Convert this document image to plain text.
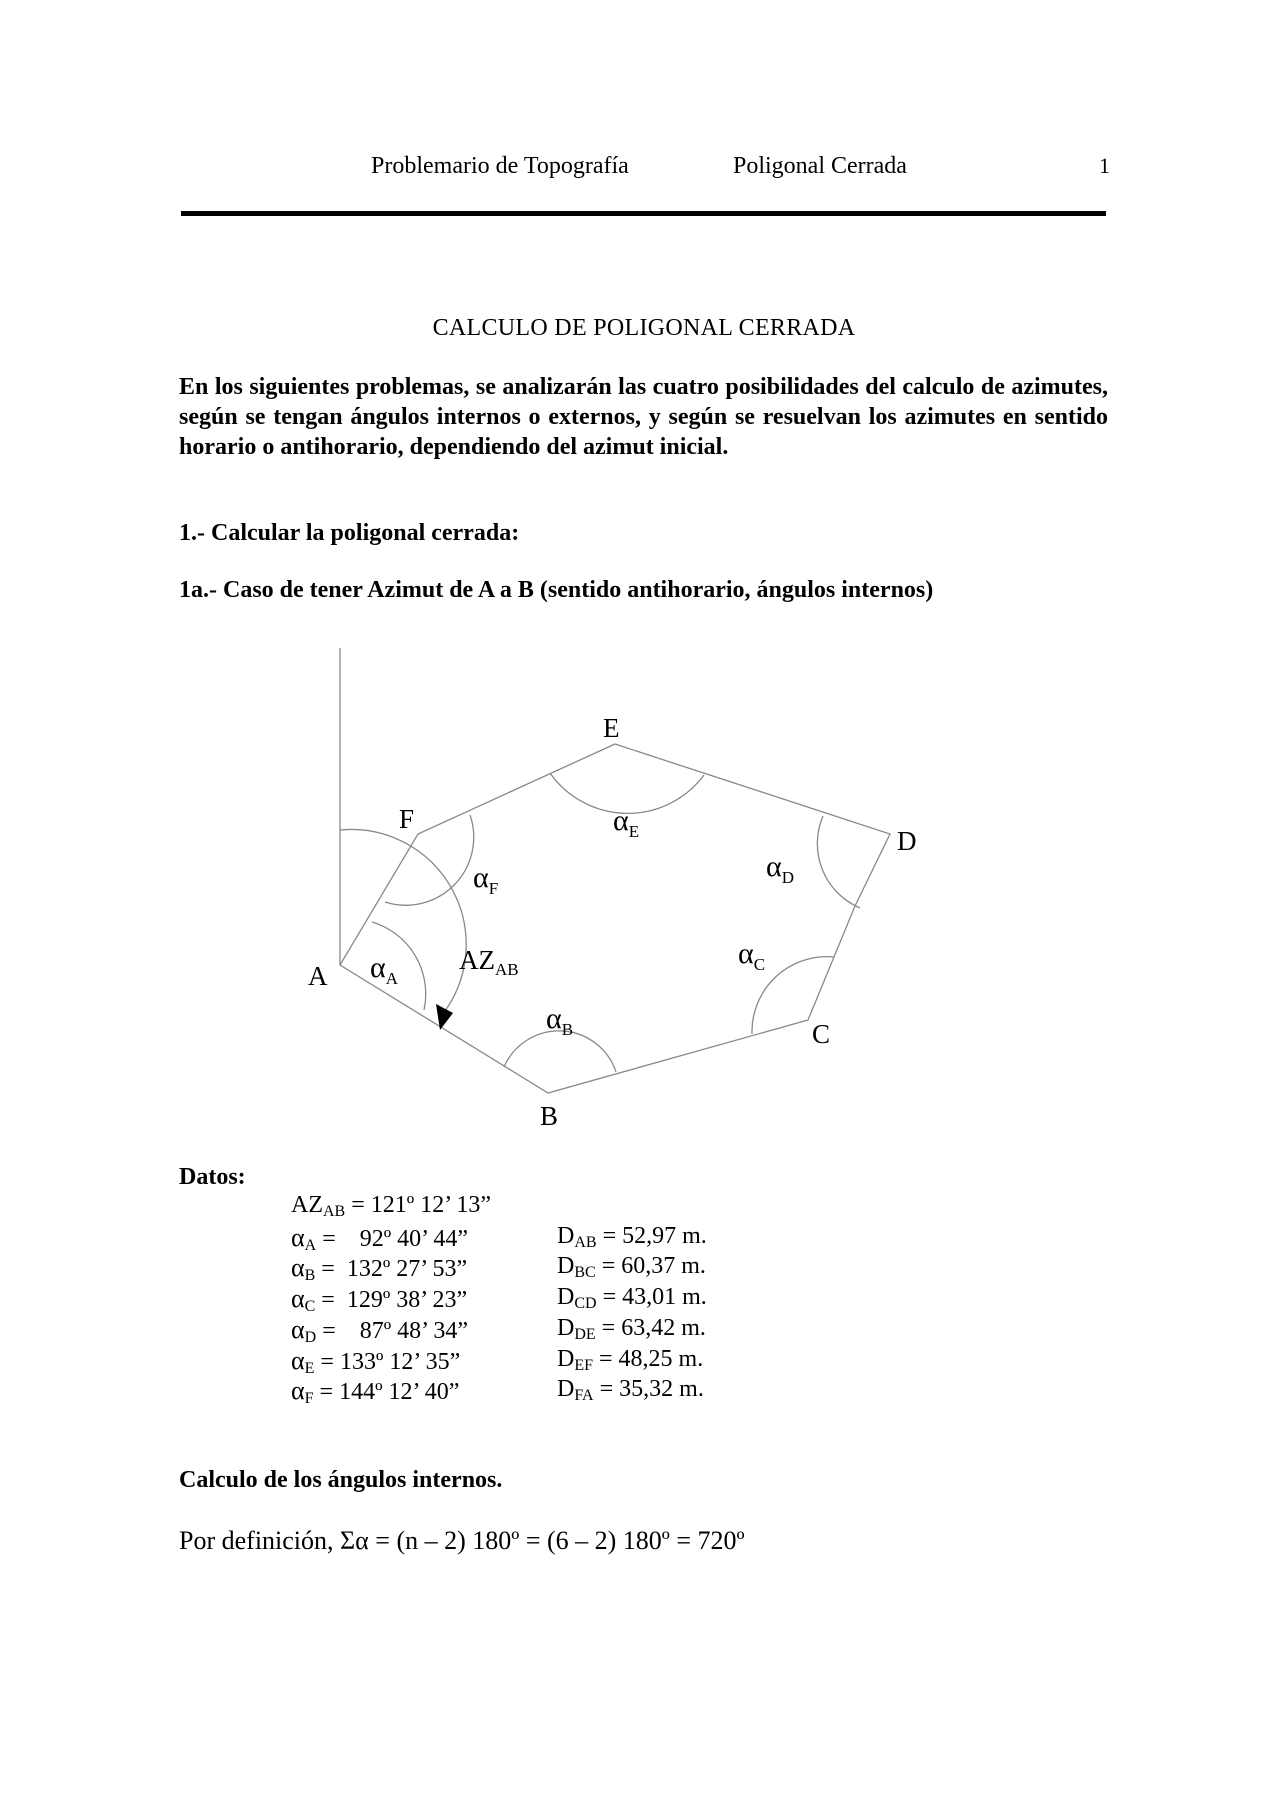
Problemario de Topografía	Poligonal Cerrada	1
CALCULO DE POLIGONAL CERRADA
En los siguientes problemas, se analizarán las cuatro posibilidades del calculo de azimutes, según se tengan ángulos internos o externos, y según se resuelvan los azimutes en sentido horario o antihorario, dependiendo del azimut inicial.
1.- Calcular la poligonal cerrada:
1a.- Caso de tener Azimut de A a B (sentido antihorario, ángulos internos)
A
B
C
D
E
F
$\alpha_A$
$\alpha_B$
$\alpha_C$
$\alpha_D$
$\alpha_E$
$\alpha_F$
$AZ_{AB}$
Datos:
$AZ_{AB}$ = 121º 12’ 13”
$\alpha_A$ =    92º 40’ 44”
$\alpha_B$ =  132º 27’ 53”
$\alpha_C$ =  129º 38’ 23”
$\alpha_D$ =    87º 48’ 34”
$\alpha_E$ = 133º 12’ 35”
$\alpha_F$ = 144º 12’ 40”
$D_{AB} = 52,97$ m.
$D_{BC} = 60,37$ m.
$D_{CD} = 43,01$ m.
$D_{DE} = 63,42$ m.
$D_{EF} = 48,25$ m.
$D_{FA} = 35,32$ m.
Calculo de los ángulos internos.
Por definición, Σα = (n – 2) 180º = (6 – 2) 180º = 720º
